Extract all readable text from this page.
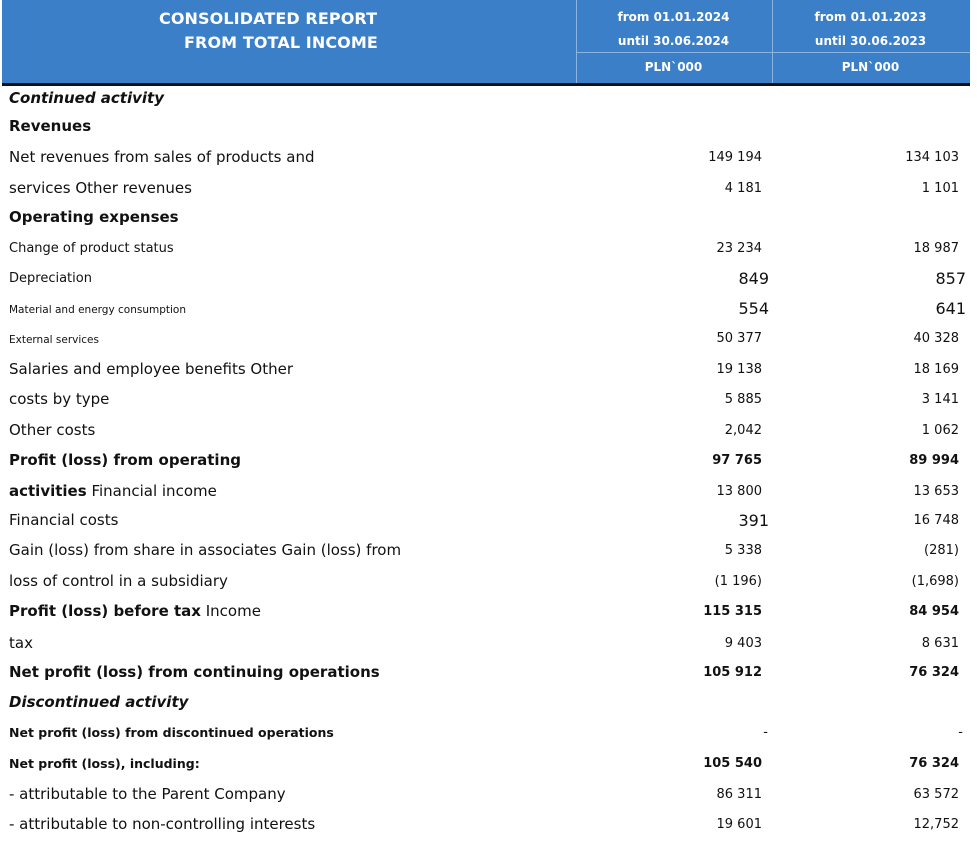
CONSOLIDATED REPORT
FROM TOTAL INCOME
from 01.01.2024
until 30.06.2024
PLN`000
from 01.01.2023
until 30.06.2023
PLN`000
Continued activity
Revenues
Net revenues from sales of products and	149 194	134 103
services Other revenues	4 181	1 101
Operating expenses
Change of product status	23 234	18 987
Depreciation	849	857
Material and energy consumption	554	641
External services	50 377	40 328
Salaries and employee benefits Other	19 138	18 169
costs by type	5 885	3 141
Other costs	2,042	1 062
Profit (loss) from operating	97 765	89 994
activities Financial income	13 800	13 653
Financial costs	391	16 748
Gain (loss) from share in associates Gain (loss) from	5 338	(281)
loss of control in a subsidiary	(1 196)	(1,698)
Profit (loss) before tax Income	115 315	84 954
tax	9 403	8 631
Net profit (loss) from continuing operations	105 912	76 324
Discontinued activity
Net profit (loss) from discontinued operations	-	-
Net profit (loss), including:	105 540	76 324
- attributable to the Parent Company	86 311	63 572
- attributable to non-controlling interests	19 601	12,752
